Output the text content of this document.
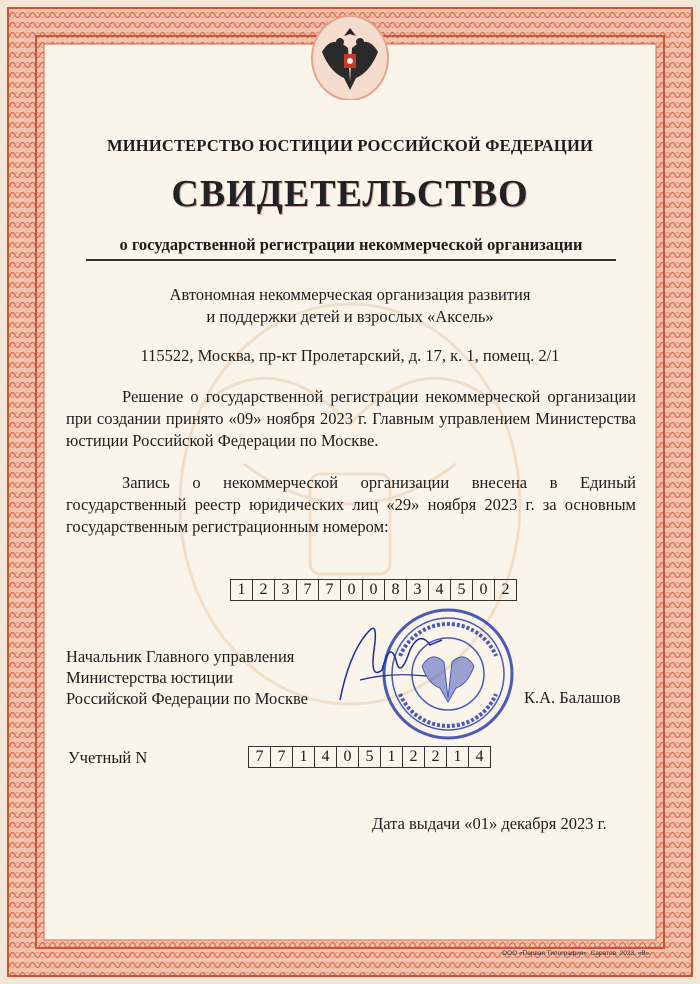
МИНИСТЕРСТВО ЮСТИЦИИ РОССИЙСКОЙ ФЕДЕРАЦИИ
СВИДЕТЕЛЬСТВО
о государственной регистрации некоммерческой организации
Автономная некоммерческая организация развития
и поддержки детей и взрослых «Аксель»
115522, Москва, пр-кт Пролетарский, д. 17, к. 1, помещ. 2/1
Решение о государственной регистрации некоммерческой организации при создании принято «09» ноября 2023 г. Главным управлением Министерства юстиции Российской Федерации по Москве.
Запись о некоммерческой организации внесена в Единый государственный реестр юридических лиц «29» ноября 2023 г. за основным государственным регистрационным номером:
1 2 3 7 7 0 0 8 3 4 5 0 2
Начальник Главного управления
Министерства юстиции
Российской Федерации по Москве	К.А. Балашов
Учетный N	7 7 1 4 0 5 1 2 2 1 4
Дата выдачи «01» декабря 2023 г.
ООО «Первая Типография», Саратов, 2023, «В».
